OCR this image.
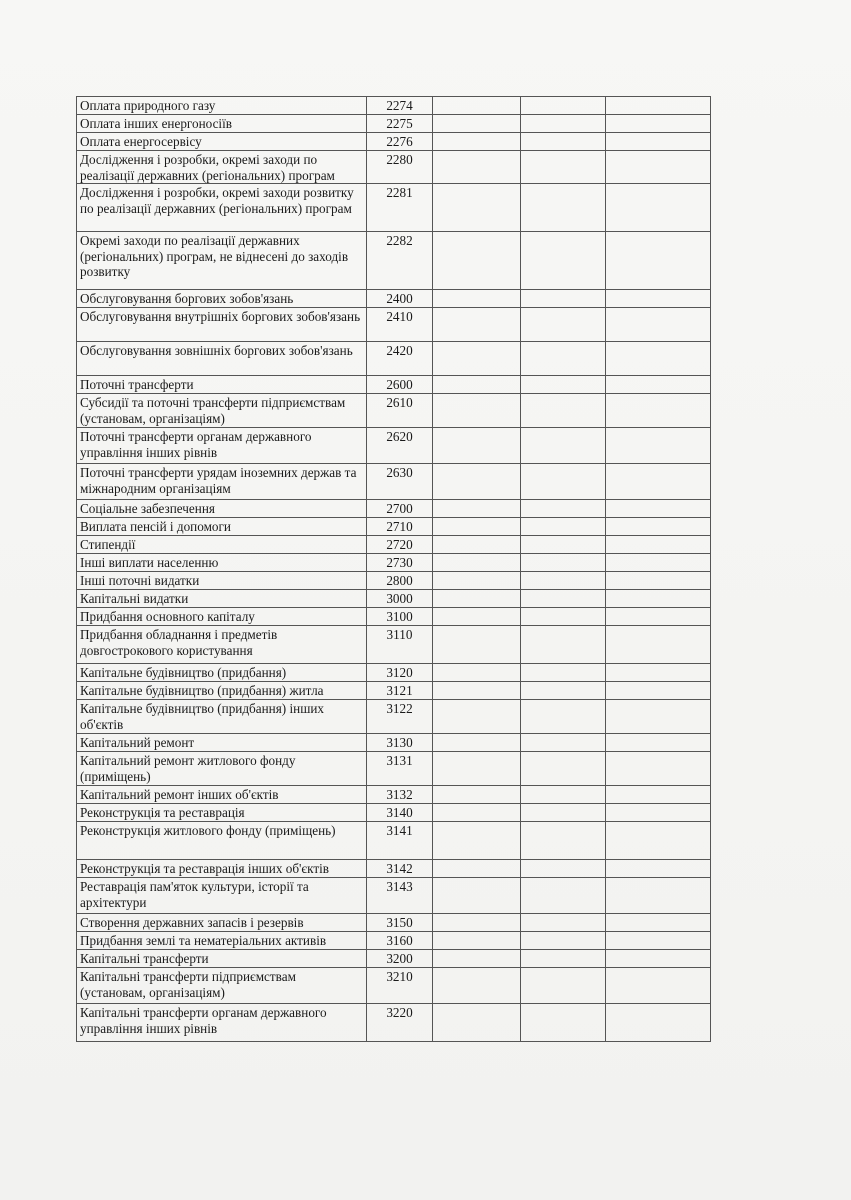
Оплата природного газу	2274			
Оплата інших енергоносіїв	2275			
Оплата енергосервісу	2276			
Дослідження і розробки, окремі заходи по реалізації державних (регіональних) програм	2280			
Дослідження і розробки, окремі заходи розвитку по реалізації державних (регіональних) програм	2281			
Окремі заходи по реалізації державних (регіональних) програм, не віднесені до заходів розвитку	2282			
Обслуговування боргових зобов'язань	2400			
Обслуговування внутрішніх боргових зобов'язань	2410			
Обслуговування зовнішніх боргових зобов'язань	2420			
Поточні трансферти	2600			
Субсидії та поточні трансферти підприємствам (установам, організаціям)	2610			
Поточні трансферти органам державного управління інших рівнів	2620			
Поточні трансферти урядам іноземних держав та міжнародним організаціям	2630			
Соціальне забезпечення	2700			
Виплата пенсій і допомоги	2710			
Стипендії	2720			
Інші виплати населенню	2730			
Інші поточні видатки	2800			
Капітальні видатки	3000			
Придбання основного капіталу	3100			
Придбання обладнання і предметів довгострокового користування	3110			
Капітальне будівництво (придбання)	3120			
Капітальне будівництво (придбання) житла	3121			
Капітальне будівництво (придбання) інших об'єктів	3122			
Капітальний ремонт	3130			
Капітальний ремонт житлового фонду (приміщень)	3131			
Капітальний ремонт інших об'єктів	3132			
Реконструкція та реставрація	3140			
Реконструкція житлового фонду (приміщень)	3141			
Реконструкція та реставрація інших об'єктів	3142			
Реставрація пам'яток культури, історії та архітектури	3143			
Створення державних запасів і резервів	3150			
Придбання землі та нематеріальних активів	3160			
Капітальні трансферти	3200			
Капітальні трансферти підприємствам (установам, організаціям)	3210			
Капітальні трансферти органам державного управління інших рівнів	3220			
